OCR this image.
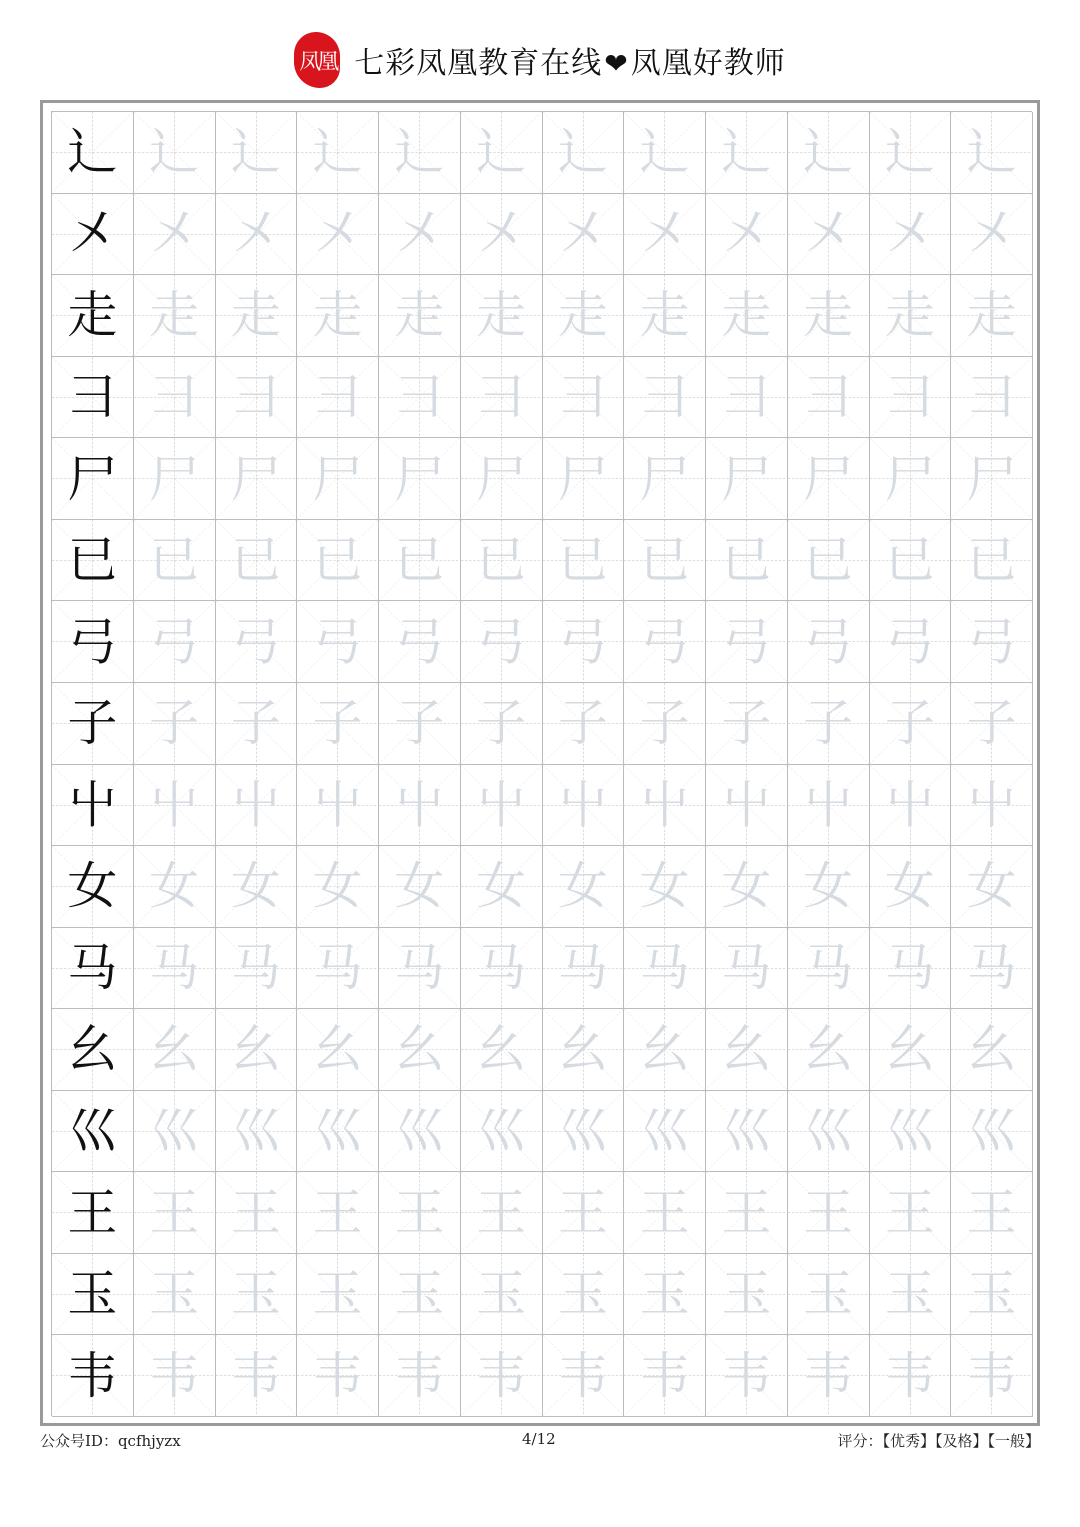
凤凰 七彩凤凰教育在线❤凤凰好教师
辶 辶 辶 辶 辶 辶 辶 辶 辶 辶 辶 辶
㐅 㐅 㐅 㐅 㐅 㐅 㐅 㐅 㐅 㐅 㐅 㐅
走 走 走 走 走 走 走 走 走 走 走 走
彐 彐 彐 彐 彐 彐 彐 彐 彐 彐 彐 彐
尸 尸 尸 尸 尸 尸 尸 尸 尸 尸 尸 尸
已 已 已 已 已 已 已 已 已 已 已 已
弓 弓 弓 弓 弓 弓 弓 弓 弓 弓 弓 弓
子 子 子 子 子 子 子 子 子 子 子 子
屮 屮 屮 屮 屮 屮 屮 屮 屮 屮 屮 屮
女 女 女 女 女 女 女 女 女 女 女 女
马 马 马 马 马 马 马 马 马 马 马 马
幺 幺 幺 幺 幺 幺 幺 幺 幺 幺 幺 幺
巛 巛 巛 巛 巛 巛 巛 巛 巛 巛 巛 巛
王 王 王 王 王 王 王 王 王 王 王 王
玉 玉 玉 玉 玉 玉 玉 玉 玉 玉 玉 玉
韦 韦 韦 韦 韦 韦 韦 韦 韦 韦 韦 韦
公众号ID：qcfhjyzx	4/12	评分：【优秀】【及格】【一般】
